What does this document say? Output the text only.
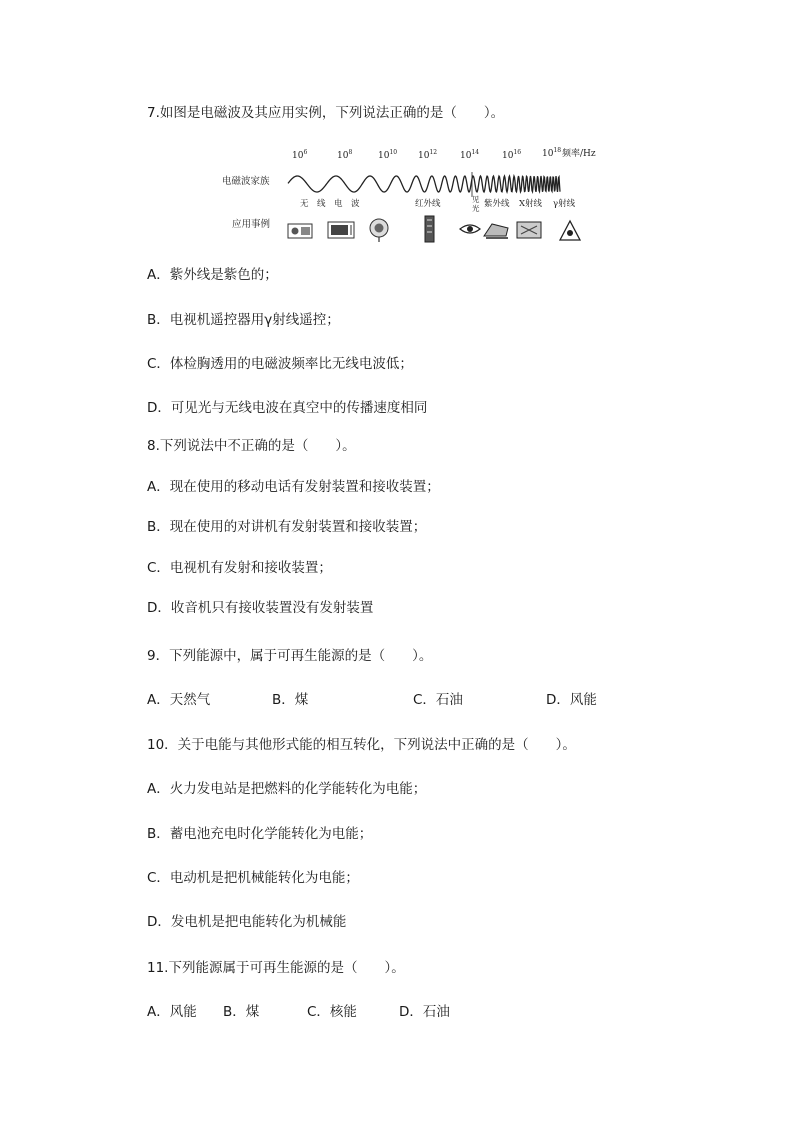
7.如图是电磁波及其应用实例，下列说法正确的是（　　）。
电磁波家族
应用事例
$10^6$	$10^8$	$10^{10}$ $10^{12}$	$10^{14}$	$10^{16}$ $10^{18}$ 频率/Hz
无　线　电　波	红外线	见
光 紫外线 X射线 γ射线
A．紫外线是紫色的；
B．电视机遥控器用γ射线遥控；
C．体检胸透用的电磁波频率比无线电波低；
D．可见光与无线电波在真空中的传播速度相同
8.下列说法中不正确的是（　　）。
A．现在使用的移动电话有发射装置和接收装置；
B．现在使用的对讲机有发射装置和接收装置；
C．电视机有发射和接收装置；
D．收音机只有接收装置没有发射装置
9．下列能源中，属于可再生能源的是（　　）。
A．天然气	B．煤	C．石油	D．风能
10．关于电能与其他形式能的相互转化，下列说法中正确的是（　　）。
A．火力发电站是把燃料的化学能转化为电能；
B．蓄电池充电时化学能转化为电能；
C．电动机是把机械能转化为电能；
D．发电机是把电能转化为机械能
11.下列能源属于可再生能源的是（　　）。
A．风能 B．煤	C．核能	D．石油
